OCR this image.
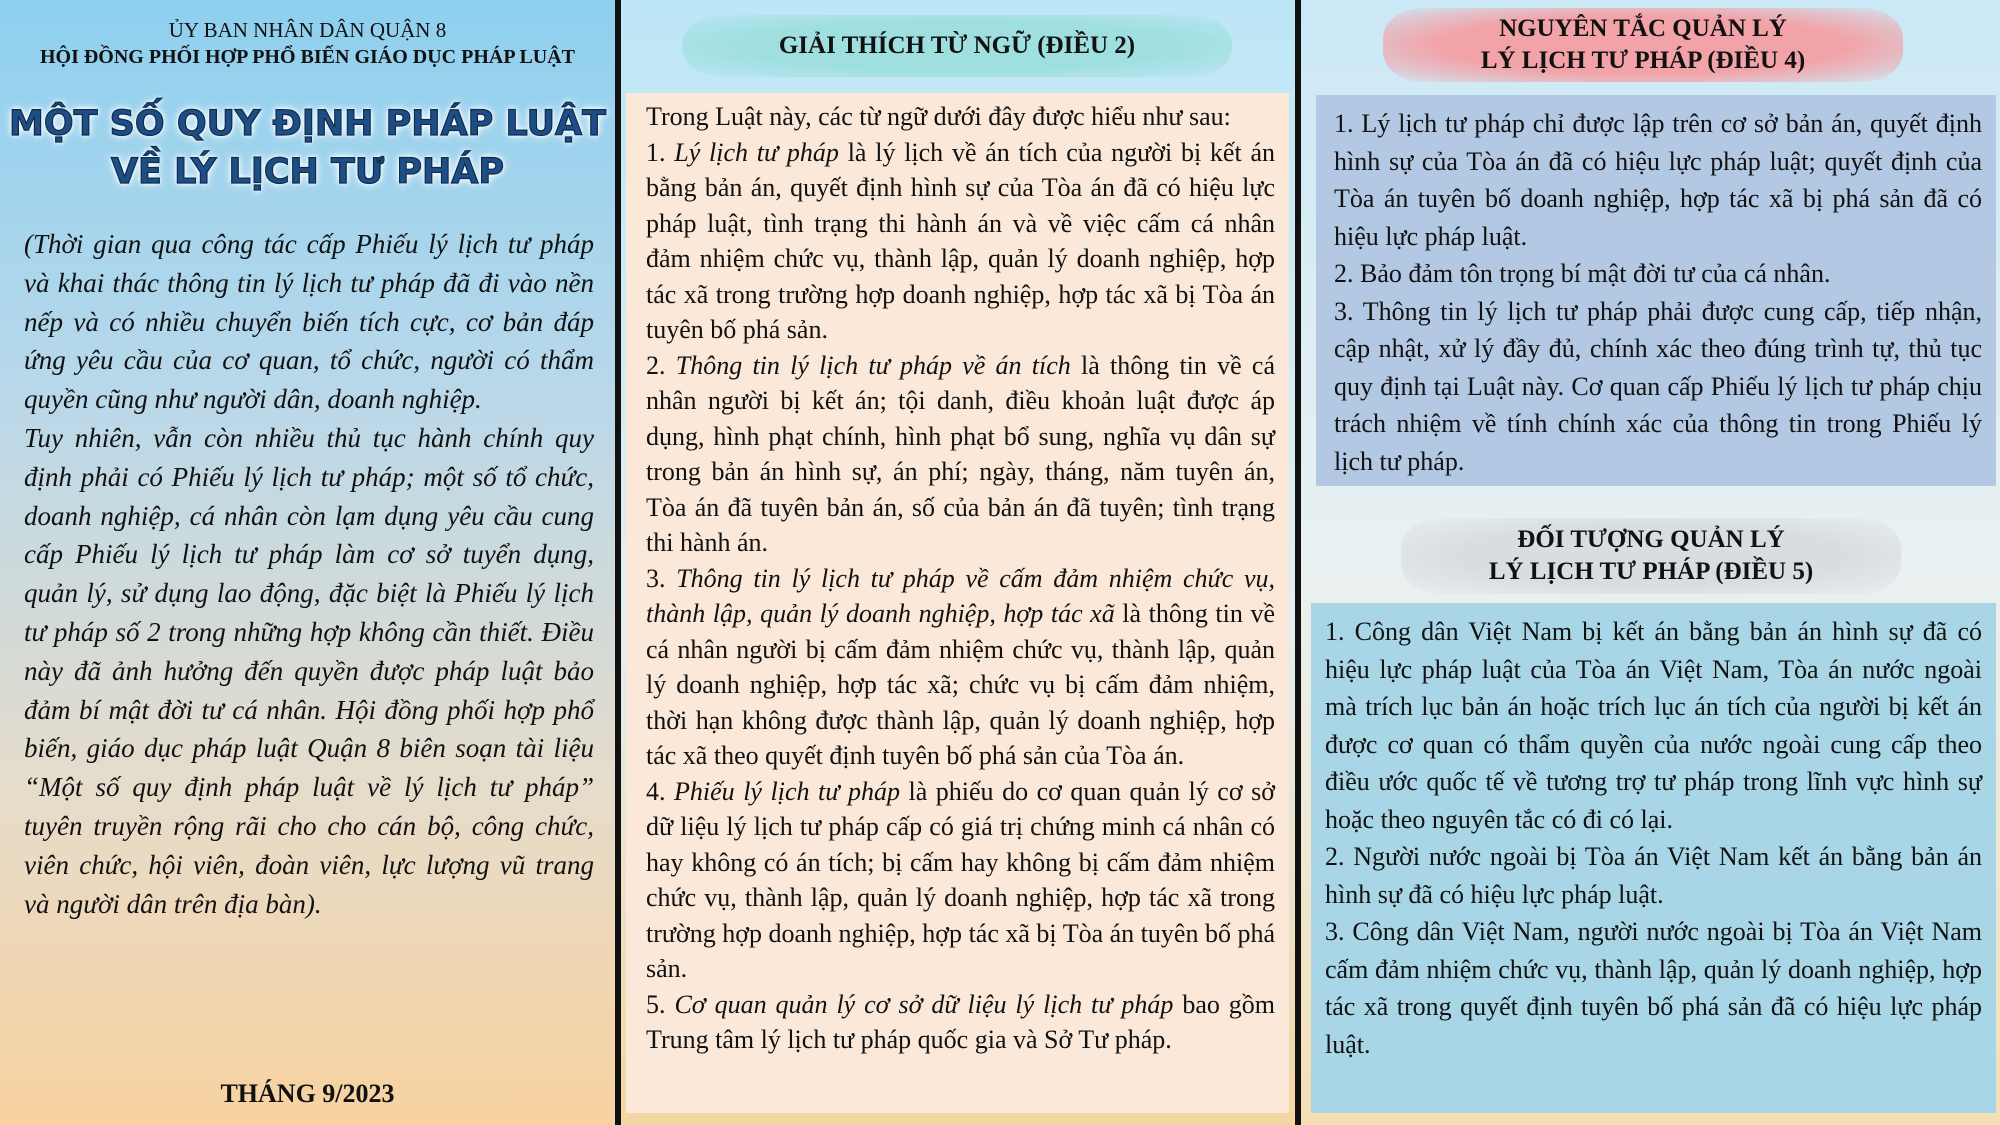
ỦY BAN NHÂN DÂN QUẬN 8
HỘI ĐỒNG PHỐI HỢP PHỔ BIẾN GIÁO DỤC PHÁP LUẬT
MỘT SỐ QUY ĐỊNH PHÁP LUẬT
VỀ LÝ LỊCH TƯ PHÁP

(Thời gian qua công tác cấp Phiếu lý lịch tư pháp và khai thác thông tin lý lịch tư pháp đã đi vào nền nếp và có nhiều chuyển biến tích cực, cơ bản đáp ứng yêu cầu của cơ quan, tổ chức, người có thẩm quyền cũng như người dân, doanh nghiệp.

Tuy nhiên, vẫn còn nhiều thủ tục hành chính quy định phải có Phiếu lý lịch tư pháp; một số tổ chức, doanh nghiệp, cá nhân còn lạm dụng yêu cầu cung cấp Phiếu lý lịch tư pháp làm cơ sở tuyển dụng, quản lý, sử dụng lao động, đặc biệt là Phiếu lý lịch tư pháp số 2 trong những hợp không cần thiết. Điều này đã ảnh hưởng đến quyền được pháp luật bảo đảm bí mật đời tư cá nhân. Hội đồng phối hợp phổ biến, giáo dục pháp luật Quận 8 biên soạn tài liệu “Một số quy định pháp luật về lý lịch tư pháp” tuyên truyền rộng rãi cho cho cán bộ, công chức, viên chức, hội viên, đoàn viên, lực lượng vũ trang và người dân trên địa bàn).

THÁNG 9/2023
GIẢI THÍCH TỪ NGỮ (ĐIỀU 2)

Trong Luật này, các từ ngữ dưới đây được hiểu như sau:

1. Lý lịch tư pháp là lý lịch về án tích của người bị kết án bằng bản án, quyết định hình sự của Tòa án đã có hiệu lực pháp luật, tình trạng thi hành án và về việc cấm cá nhân đảm nhiệm chức vụ, thành lập, quản lý doanh nghiệp, hợp tác xã trong trường hợp doanh nghiệp, hợp tác xã bị Tòa án tuyên bố phá sản.

2. Thông tin lý lịch tư pháp về án tích là thông tin về cá nhân người bị kết án; tội danh, điều khoản luật được áp dụng, hình phạt chính, hình phạt bổ sung, nghĩa vụ dân sự trong bản án hình sự, án phí; ngày, tháng, năm tuyên án, Tòa án đã tuyên bản án, số của bản án đã tuyên; tình trạng thi hành án.

3. Thông tin lý lịch tư pháp về cấm đảm nhiệm chức vụ, thành lập, quản lý doanh nghiệp, hợp tác xã là thông tin về cá nhân người bị cấm đảm nhiệm chức vụ, thành lập, quản lý doanh nghiệp, hợp tác xã; chức vụ bị cấm đảm nhiệm, thời hạn không được thành lập, quản lý doanh nghiệp, hợp tác xã theo quyết định tuyên bố phá sản của Tòa án.

4. Phiếu lý lịch tư pháp là phiếu do cơ quan quản lý cơ sở dữ liệu lý lịch tư pháp cấp có giá trị chứng minh cá nhân có hay không có án tích; bị cấm hay không bị cấm đảm nhiệm chức vụ, thành lập, quản lý doanh nghiệp, hợp tác xã trong trường hợp doanh nghiệp, hợp tác xã bị Tòa án tuyên bố phá sản.

5. Cơ quan quản lý cơ sở dữ liệu lý lịch tư pháp bao gồm Trung tâm lý lịch tư pháp quốc gia và Sở Tư pháp.

NGUYÊN TẮC QUẢN LÝ
LÝ LỊCH TƯ PHÁP (ĐIỀU 4)

1. Lý lịch tư pháp chỉ được lập trên cơ sở bản án, quyết định hình sự của Tòa án đã có hiệu lực pháp luật; quyết định của Tòa án tuyên bố doanh nghiệp, hợp tác xã bị phá sản đã có hiệu lực pháp luật.

2. Bảo đảm tôn trọng bí mật đời tư của cá nhân.

3. Thông tin lý lịch tư pháp phải được cung cấp, tiếp nhận, cập nhật, xử lý đầy đủ, chính xác theo đúng trình tự, thủ tục quy định tại Luật này. Cơ quan cấp Phiếu lý lịch tư pháp chịu trách nhiệm về tính chính xác của thông tin trong Phiếu lý lịch tư pháp.

ĐỐI TƯỢNG QUẢN LÝ
LÝ LỊCH TƯ PHÁP (ĐIỀU 5)

1. Công dân Việt Nam bị kết án bằng bản án hình sự đã có hiệu lực pháp luật của Tòa án Việt Nam, Tòa án nước ngoài mà trích lục bản án hoặc trích lục án tích của người bị kết án được cơ quan có thẩm quyền của nước ngoài cung cấp theo điều ước quốc tế về tương trợ tư pháp trong lĩnh vực hình sự hoặc theo nguyên tắc có đi có lại.

2. Người nước ngoài bị Tòa án Việt Nam kết án bằng bản án hình sự đã có hiệu lực pháp luật.

3. Công dân Việt Nam, người nước ngoài bị Tòa án Việt Nam cấm đảm nhiệm chức vụ, thành lập, quản lý doanh nghiệp, hợp tác xã trong quyết định tuyên bố phá sản đã có hiệu lực pháp luật.
